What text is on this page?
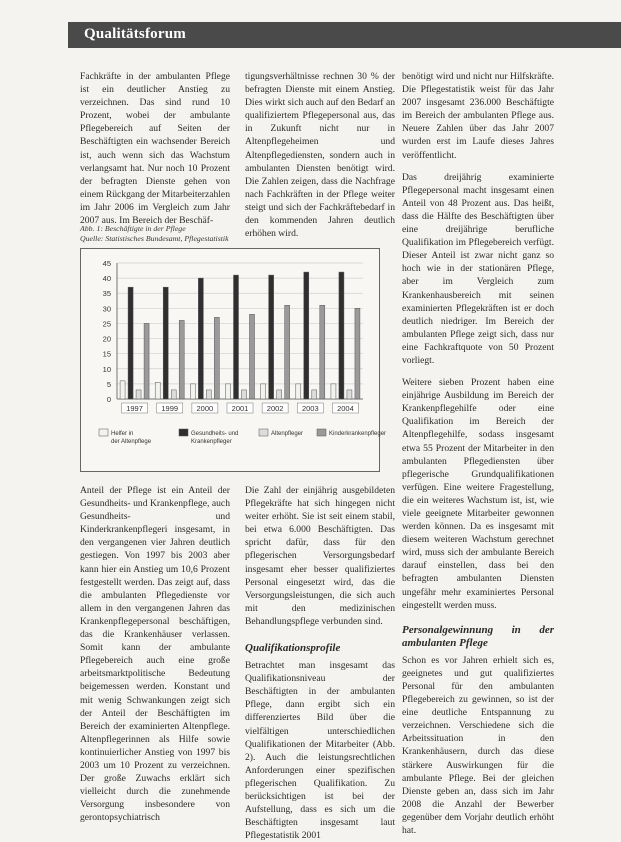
Qualitätsforum

Fachkräfte in der ambulanten Pflege ist ein deutlicher Anstieg zu verzeichnen. Das sind rund 10 Prozent, wobei der ambulante Pflegebereich auf Seiten der Beschäftigten ein wachsender Bereich ist, auch wenn sich das Wachstum verlangsamt hat. Nur noch 10 Prozent der befragten Dienste gehen von einem Rückgang der Mitarbeiterzahlen im Jahr 2006 im Vergleich zum Jahr 2007 aus. Im Bereich der Beschäf-

tigungsverhältnisse rechnen 30 % der befragten Dienste mit einem Anstieg. Dies wirkt sich auch auf den Bedarf an qualifiziertem Pflegepersonal aus, das in Zukunft nicht nur in Altenpflegeheimen und Altenpflegediensten, sondern auch in ambulanten Diensten benötigt wird. Die Zahlen zeigen, dass die Nachfrage nach Fachkräften in der Pflege weiter steigt und sich der Fachkräftebedarf in den kommenden Jahren deutlich erhöhen wird.

benötigt wird und nicht nur Hilfskräfte. Die Pflegestatistik weist für das Jahr 2007 insgesamt 236.000 Beschäftigte im Bereich der ambulanten Pflege aus. Neuere Zahlen über das Jahr 2007 wurden erst im Laufe dieses Jahres veröffentlicht.

Das dreijährig examinierte Pflegepersonal macht insgesamt einen Anteil von 48 Prozent aus. Das heißt, dass die Hälfte des Beschäftigten über eine dreijährige berufliche Qualifikation im Pflegebereich verfügt. Dieser Anteil ist zwar nicht ganz so hoch wie in der stationären Pflege, aber im Vergleich zum Krankenhausbereich mit seinen examinierten Pflegekräften ist er doch deutlich niedriger. Im Bereich der ambulanten Pflege zeigt sich, dass nur eine Fachkraftquote von 50 Prozent vorliegt.

Weitere sieben Prozent haben eine einjährige Ausbildung im Bereich der Krankenpflegehilfe oder eine Qualifikation im Bereich der Altenpflegehilfe, sodass insgesamt etwa 55 Prozent der Mitarbeiter in den ambulanten Pflegediensten über pflegerische Grundqualifikationen verfügen. Eine weitere Fragestellung, die ein weiteres Wachstum ist, ist, wie viele geeignete Mitarbeiter gewonnen werden können. Da es insgesamt mit diesem weiteren Wachstum gerechnet wird, muss sich der ambulante Bereich darauf einstellen, dass bei den befragten ambulanten Diensten ungefähr mehr examiniertes Personal eingestellt werden muss.

Personalgewinnung in der ambulanten Pflege

Schon es vor Jahren erhielt sich es, geeignetes und gut qualifiziertes Personal für den ambulanten Pflegebereich zu gewinnen, so ist der eine deutliche Entspannung zu verzeichnen. Verschiedene sich die Arbeitssituation in den Krankenhäusern, durch das diese stärkere Auswirkungen für die ambulante Pflege. Bei der gleichen Dienste geben an, dass sich im Jahr 2008 die Anzahl der Bewerber gegenüber dem Vorjahr deutlich erhöht hat.

Abb. 1: Beschäftigte in der Pflege
Quelle: Statistisches Bundesamt, Pflegestatistik
0
5
10
15
20
25
30
35
40
45
1997 1999 2000 2001 2002 2003 2004
Helfer in der Altenpflege
Gesundheits- und Krankenpfleger
Altenpfleger	Kinderkrankenpfleger

Anteil der Pflege ist ein Anteil der Gesundheits- und Krankenpflege, auch Gesundheits- und Kinderkrankenpflegeri insgesamt, in den vergangenen vier Jahren deutlich gestiegen. Von 1997 bis 2003 aber kann hier ein Anstieg um 10,6 Prozent festgestellt werden. Das zeigt auf, dass die ambulanten Pflegedienste vor allem in den vergangenen Jahren das Krankenpflegepersonal beschäftigen, das die Krankenhäuser verlassen. Somit kann der ambulante Pflegebereich auch eine große arbeitsmarktpolitische Bedeutung beigemessen werden. Konstant und mit wenig Schwankungen zeigt sich der Anteil der Beschäftigten im Bereich der examinierten Altenpflege. Altenpflegerinnen als Hilfe sowie kontinuierlicher Anstieg von 1997 bis 2003 um 10 Prozent zu verzeichnen. Der große Zuwachs erklärt sich vielleicht durch die zunehmende Versorgung insbesondere von gerontopsychiatrisch

Die Zahl der einjährig ausgebildeten Pflegekräfte hat sich hingegen nicht weiter erhöht. Sie ist seit einem stabil, bei etwa 6.000 Beschäftigten. Das spricht dafür, dass für den pflegerischen Versorgungsbedarf insgesamt eher besser qualifiziertes Personal eingesetzt wird, das die Versorgungsleistungen, die sich auch mit den medizinischen Behandlungspflege verbunden sind.

Qualifikationsprofile

Betrachtet man insgesamt das Qualifikationsniveau der Beschäftigten in der ambulanten Pflege, dann ergibt sich ein differenziertes Bild über die vielfältigen unterschiedlichen Qualifikationen der Mitarbeiter (Abb. 2). Auch die leistungsrechtlichen Anforderungen einer spezifischen pflegerischen Qualifikation. Zu berücksichtigen ist bei der Aufstellung, dass es sich um die Beschäftigten insgesamt laut Pflegestatistik 2001
